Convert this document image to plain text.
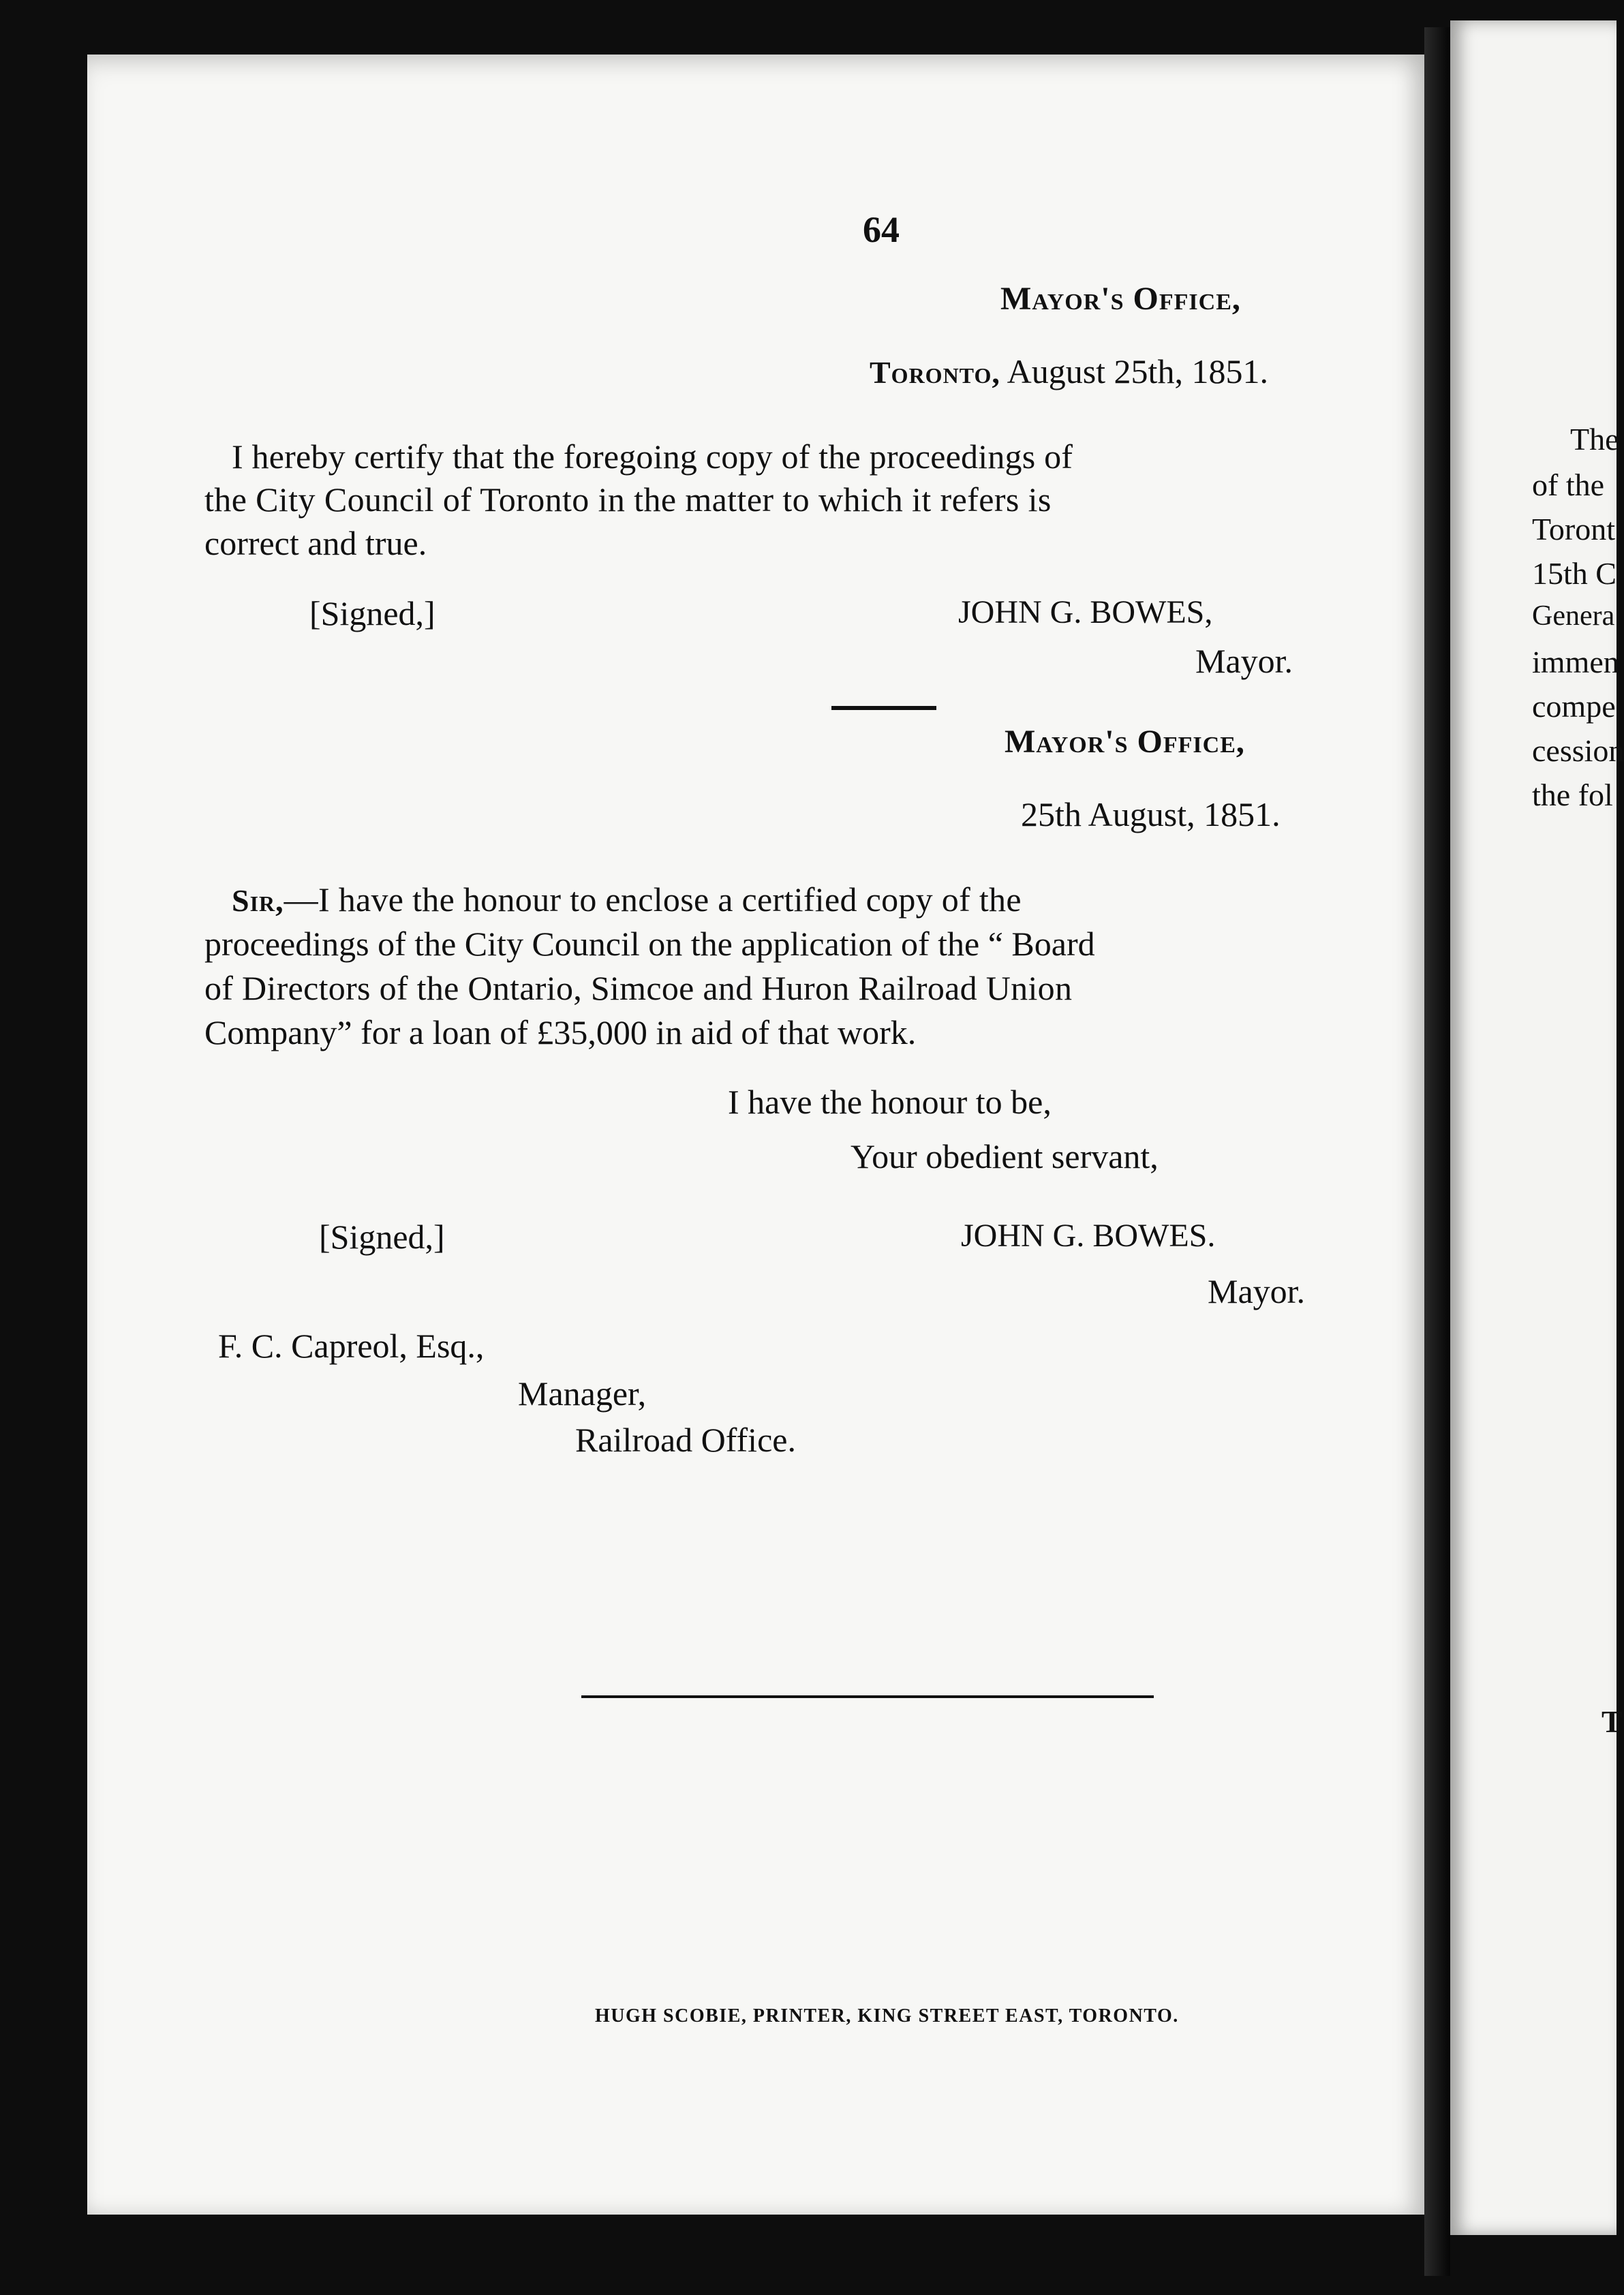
64
Mayor's Office,
Toronto, August 25th, 1851.
I hereby certify that the foregoing copy of the proceedings of
the City Council of Toronto in the matter to which it refers is
correct and true.
[Signed,]	JOHN G. BOWES,
Mayor.
Mayor's Office,
25th August, 1851.
Sir,—I have the honour to enclose a certified copy of the
proceedings of the City Council on the application of the “ Board
of Directors of the Ontario, Simcoe and Huron Railroad Union
Company” for a loan of £35,000 in aid of that work.
I have the honour to be,
Your obedient servant,
[Signed,]	JOHN G. BOWES.
Mayor.
F. C. Capreol, Esq.,
Manager,
Railroad Office.
HUGH SCOBIE, PRINTER, KING STREET EAST, TORONTO.
The
of the
Toront
15th C
Genera
immen
compe
cession
the fol
T
